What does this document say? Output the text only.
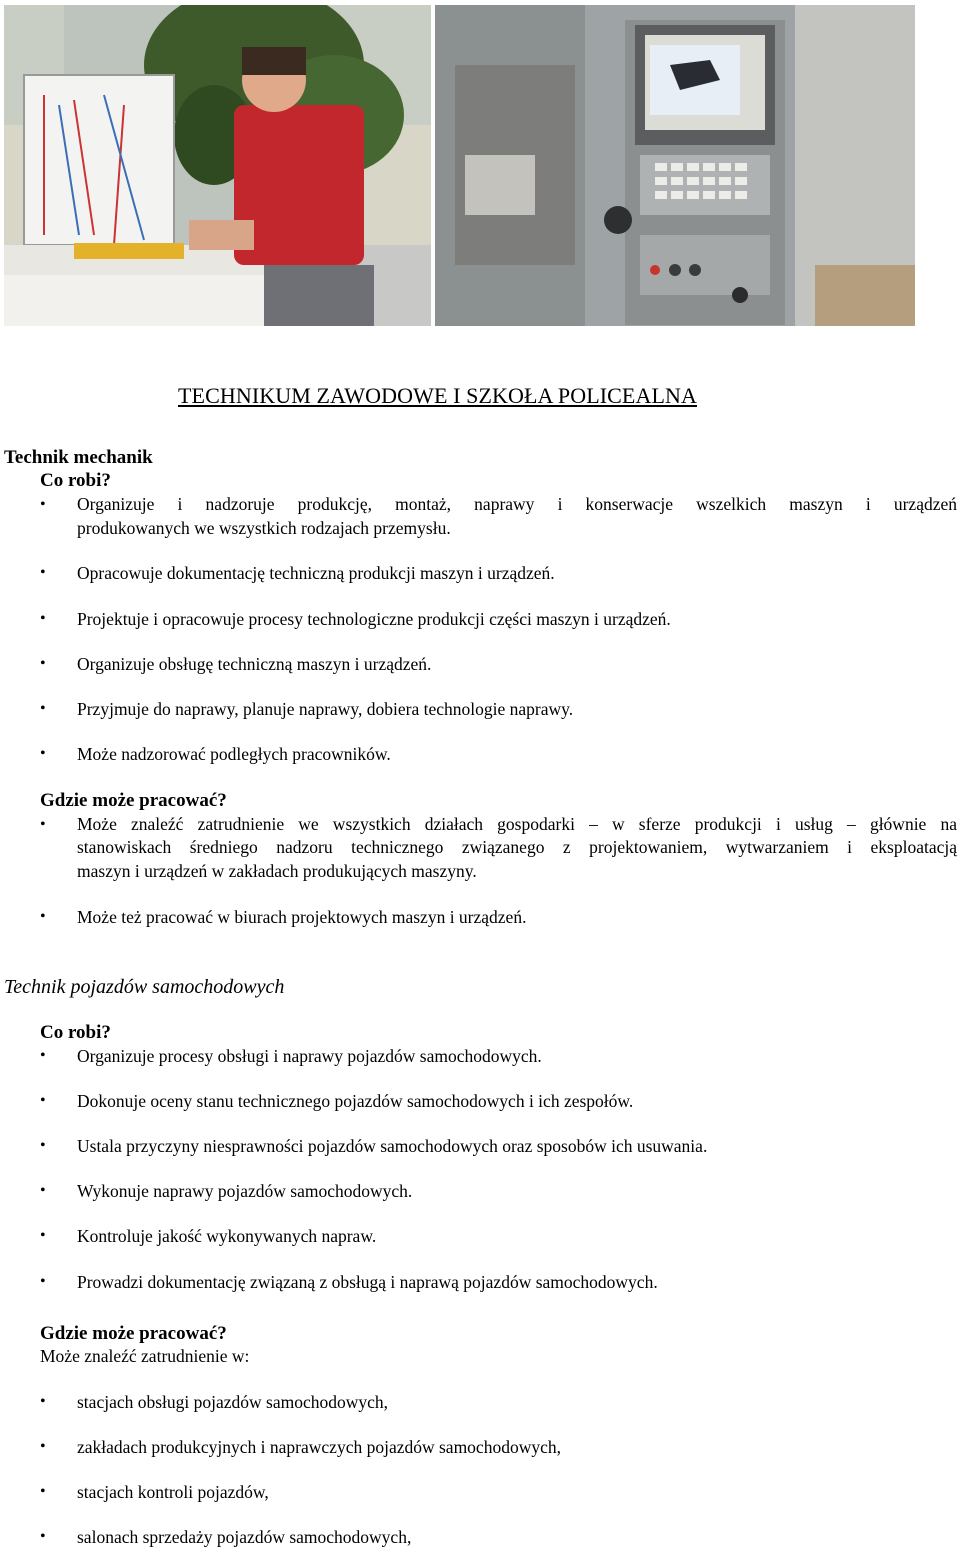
TECHNIKUM ZAWODOWE I SZKOŁA POLICEALNA
Technik mechanik
Co robi?
• Organizuje i nadzoruje produkcję, montaż, naprawy i konserwacje wszelkich maszyn i urządzeń
produkowanych we wszystkich rodzajach przemysłu.
• Opracowuje dokumentację techniczną produkcji maszyn i urządzeń.
• Projektuje i opracowuje procesy technologiczne produkcji części maszyn i urządzeń.
• Organizuje obsługę techniczną maszyn i urządzeń.
• Przyjmuje do naprawy, planuje naprawy, dobiera technologie naprawy.
• Może nadzorować podległych pracowników.
Gdzie może pracować?
• Może znaleźć zatrudnienie we wszystkich działach gospodarki – w sferze produkcji i usług – głównie na
stanowiskach średniego nadzoru technicznego związanego z projektowaniem, wytwarzaniem i eksploatacją
maszyn i urządzeń w zakładach produkujących maszyny.
• Może też pracować w biurach projektowych maszyn i urządzeń.
Technik pojazdów samochodowych
Co robi?
• Organizuje procesy obsługi i naprawy pojazdów samochodowych.
• Dokonuje oceny stanu technicznego pojazdów samochodowych i ich zespołów.
• Ustala przyczyny niesprawności pojazdów samochodowych oraz sposobów ich usuwania.
• Wykonuje naprawy pojazdów samochodowych.
• Kontroluje jakość wykonywanych napraw.
• Prowadzi dokumentację związaną z obsługą i naprawą pojazdów samochodowych.
Gdzie może pracować?
Może znaleźć zatrudnienie w:
• stacjach obsługi pojazdów samochodowych,
• zakładach produkcyjnych i naprawczych pojazdów samochodowych,
• stacjach kontroli pojazdów,
• salonach sprzedaży pojazdów samochodowych,
